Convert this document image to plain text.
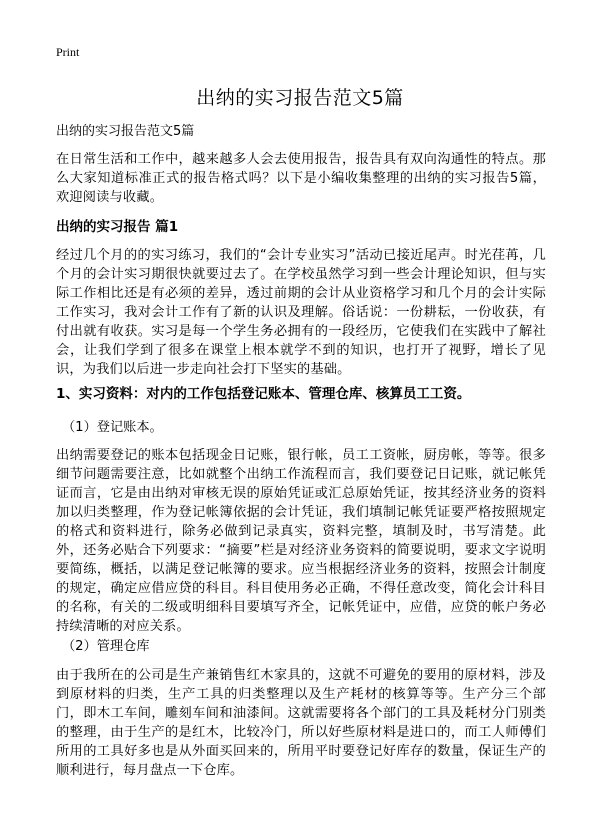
Print
出纳的实习报告范文5篇
出纳的实习报告范文5篇

在日常生活和工作中，越来越多人会去使用报告，报告具有双向沟通性的特点。那么大家知道标准正式的报告格式吗？以下是小编收集整理的出纳的实习报告5篇，欢迎阅读与收藏。

出纳的实习报告 篇1

经过几个月的的实习练习，我们的“会计专业实习”活动已接近尾声。时光荏苒，几个月的会计实习期很快就要过去了。在学校虽然学习到一些会计理论知识，但与实际工作相比还是有必须的差异，透过前期的会计从业资格学习和几个月的会计实际工作实习，我对会计工作有了新的认识及理解。俗话说：一份耕耘，一份收获，有付出就有收获。实习是每一个学生务必拥有的一段经历，它使我们在实践中了解社会，让我们学到了很多在课堂上根本就学不到的知识，也打开了视野，增长了见识，为我们以后进一步走向社会打下坚实的基础。

1、实习资料：对内的工作包括登记账本、管理仓库、核算员工工资。
（1）登记账本。

出纳需要登记的账本包括现金日记账，银行帐，员工工资帐，厨房帐，等等。很多细节问题需要注意，比如就整个出纳工作流程而言，我们要登记日记账，就记帐凭证而言，它是由出纳对审核无误的原始凭证或汇总原始凭证，按其经济业务的资料加以归类整理，作为登记帐簿依据的会计凭证，我们填制记帐凭证要严格按照规定的格式和资料进行，除务必做到记录真实，资料完整，填制及时，书写清楚。此外，还务必贴合下列要求：“摘要”栏是对经济业务资料的简要说明，要求文字说明要简练，概括，以满足登记帐簿的要求。应当根据经济业务的资料，按照会计制度的规定，确定应借应贷的科目。科目使用务必正确，不得任意改变，简化会计科目的名称，有关的二级或明细科目要填写齐全，记帐凭证中，应借，应贷的帐户务必持续清晰的对应关系。

（2）管理仓库

由于我所在的公司是生产兼销售红木家具的，这就不可避免的要用的原材料，涉及到原材料的归类，生产工具的归类整理以及生产耗材的核算等等。生产分三个部门，即木工车间，雕刻车间和油漆间。这就需要将各个部门的工具及耗材分门别类的整理，由于生产的是红木，比较冷门，所以好些原材料是进口的，而工人师傅们所用的工具好多也是从外面买回来的，所用平时要登记好库存的数量，保证生产的顺利进行，每月盘点一下仓库。
